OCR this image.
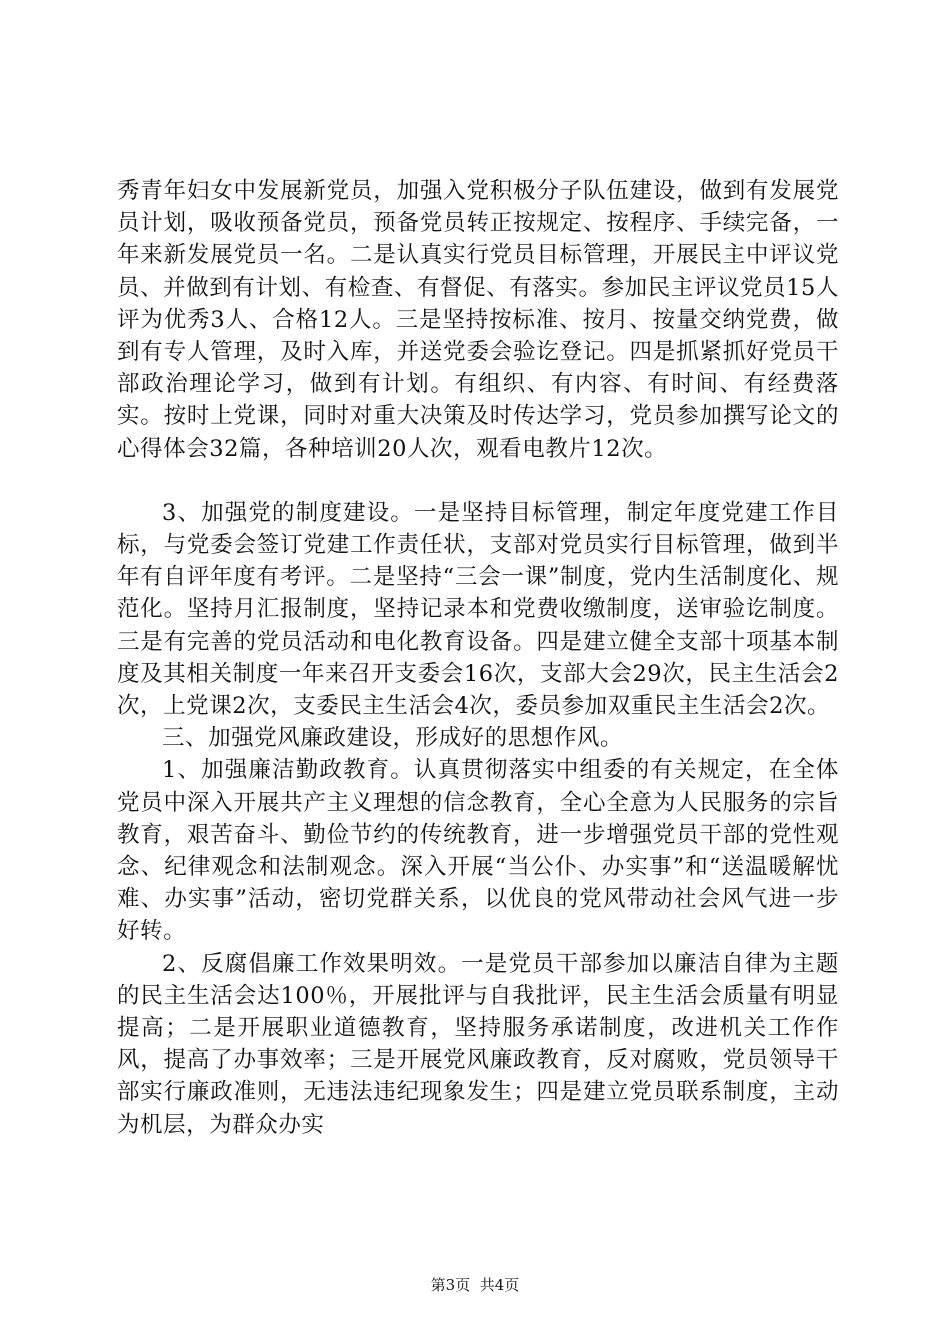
秀青年妇女中发展新党员，加强入党积极分子队伍建设，做到有发展党员计划，吸收预备党员，预备党员转正按规定、按程序、手续完备，一年来新发展党员一名。二是认真实行党员目标管理，开展民主中评议党员、并做到有计划、有检查、有督促、有落实。参加民主评议党员15人评为优秀3人、合格12人。三是坚持按标准、按月、按量交纳党费，做到有专人管理，及时入库，并送党委会验讫登记。四是抓紧抓好党员干部政治理论学习，做到有计划。有组织、有内容、有时间、有经费落实。按时上党课，同时对重大决策及时传达学习，党员参加撰写论文的心得体会32篇，各种培训20人次，观看电教片12次。

3、加强党的制度建设。一是坚持目标管理，制定年度党建工作目标，与党委会签订党建工作责任状，支部对党员实行目标管理，做到半年有自评年度有考评。二是坚持“三会一课”制度，党内生活制度化、规范化。坚持月汇报制度，坚持记录本和党费收缴制度，送审验讫制度。三是有完善的党员活动和电化教育设备。四是建立健全支部十项基本制度及其相关制度一年来召开支委会16次，支部大会29次，民主生活会2次，上党课2次，支委民主生活会4次，委员参加双重民主生活会2次。

三、加强党风廉政建设，形成好的思想作风。

1、加强廉洁勤政教育。认真贯彻落实中组委的有关规定，在全体党员中深入开展共产主义理想的信念教育，全心全意为人民服务的宗旨教育，艰苦奋斗、勤俭节约的传统教育，进一步增强党员干部的党性观念、纪律观念和法制观念。深入开展“当公仆、办实事”和“送温暖解忧难、办实事”活动，密切党群关系，以优良的党风带动社会风气进一步好转。

2、反腐倡廉工作效果明效。一是党员干部参加以廉洁自律为主题的民主生活会达100％，开展批评与自我批评，民主生活会质量有明显提高；二是开展职业道德教育，坚持服务承诺制度，改进机关工作作风，提高了办事效率；三是开展党风廉政教育，反对腐败，党员领导干部实行廉政准则，无违法违纪现象发生；四是建立党员联系制度，主动为机层，为群众办实

第3页 共4页
